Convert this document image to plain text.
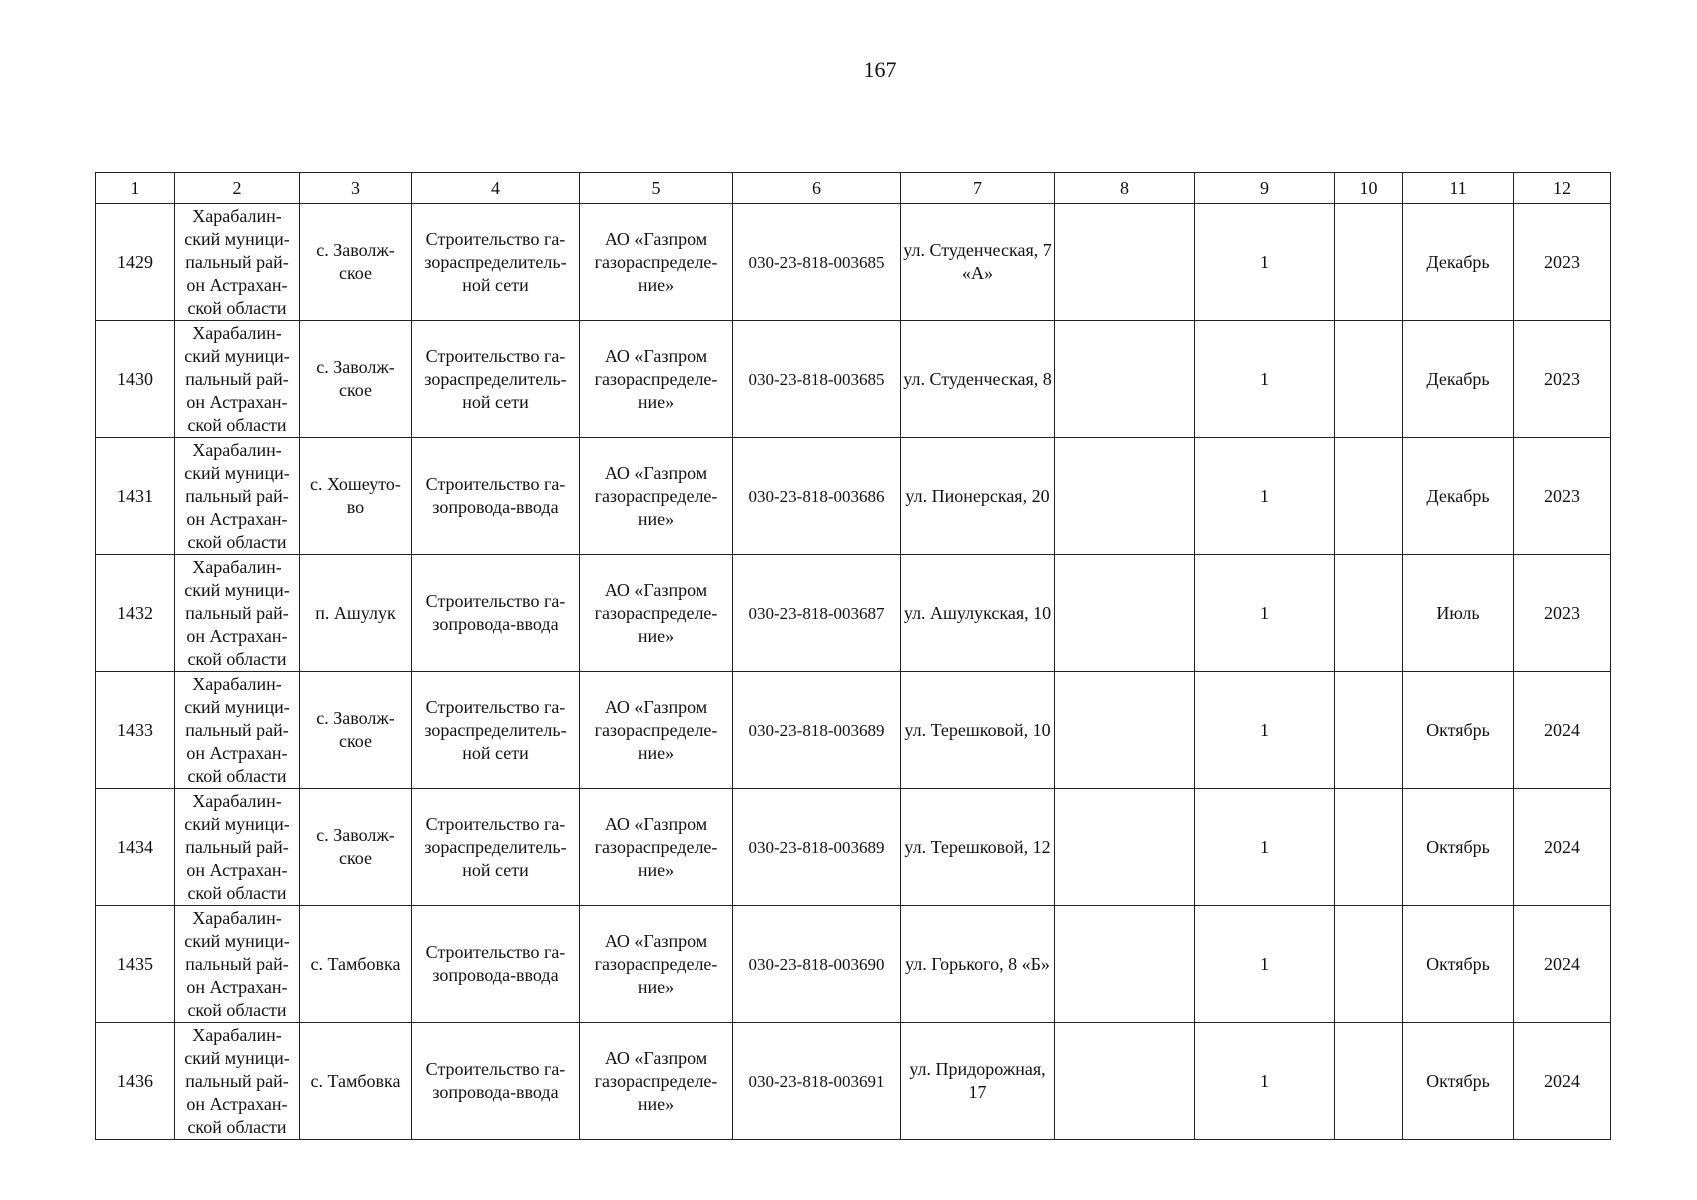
167
1	2	3	4	5	6	7	8	9	10	11	12
1429	Харабалин-ский муници-пальный рай-он Астрахан-ской области	с. Заволж-ское	Строительство га-зораспределитель-ной сети	АО «Газпром газораспределе-ние»	030-23-818-003685	ул. Студенческая, 7 «А»		1		Декабрь	2023
1430	Харабалин-ский муници-пальный рай-он Астрахан-ской области	с. Заволж-ское	Строительство га-зораспределитель-ной сети	АО «Газпром газораспределе-ние»	030-23-818-003685	ул. Студенческая, 8		1		Декабрь	2023
1431	Харабалин-ский муници-пальный рай-он Астрахан-ской области	с. Хошеуто-во	Строительство га-зопровода-ввода	АО «Газпром газораспределе-ние»	030-23-818-003686	ул. Пионерская, 20		1		Декабрь	2023
1432	Харабалин-ский муници-пальный рай-он Астрахан-ской области	п. Ашулук	Строительство га-зопровода-ввода	АО «Газпром газораспределе-ние»	030-23-818-003687	ул. Ашулукская, 10		1		Июль	2023
1433	Харабалин-ский муници-пальный рай-он Астрахан-ской области	с. Заволж-ское	Строительство га-зораспределитель-ной сети	АО «Газпром газораспределе-ние»	030-23-818-003689	ул. Терешковой, 10		1		Октябрь	2024
1434	Харабалин-ский муници-пальный рай-он Астрахан-ской области	с. Заволж-ское	Строительство га-зораспределитель-ной сети	АО «Газпром газораспределе-ние»	030-23-818-003689	ул. Терешковой, 12		1		Октябрь	2024
1435	Харабалин-ский муници-пальный рай-он Астрахан-ской области	с. Тамбовка	Строительство га-зопровода-ввода	АО «Газпром газораспределе-ние»	030-23-818-003690	ул. Горького, 8 «Б»		1		Октябрь	2024
1436	Харабалин-ский муници-пальный рай-он Астрахан-ской области	с. Тамбовка	Строительство га-зопровода-ввода	АО «Газпром газораспределе-ние»	030-23-818-003691	ул. Придорожная, 17		1		Октябрь	2024
